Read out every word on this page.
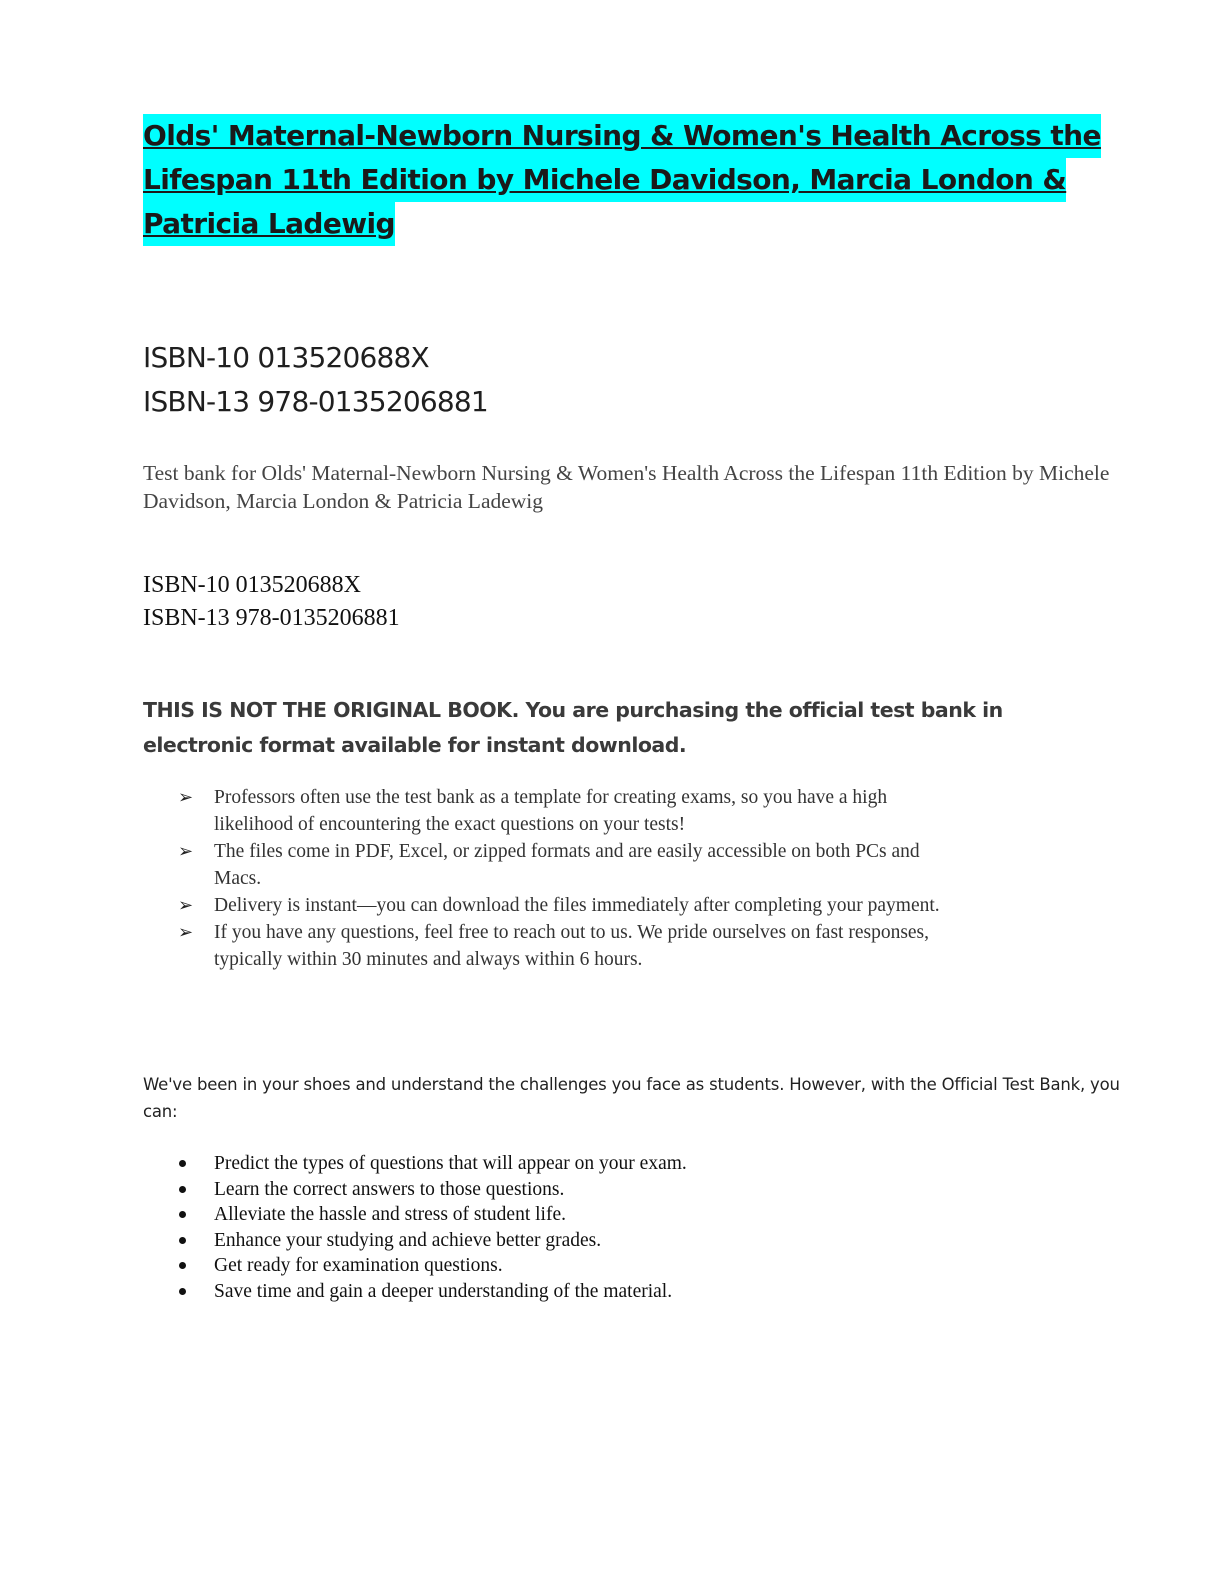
Olds' Maternal-Newborn Nursing & Women's Health Across the
Lifespan 11th Edition by Michele Davidson, Marcia London &
Patricia Ladewig
ISBN-10 013520688X
ISBN-13 978-0135206881
Test bank for Olds' Maternal-Newborn Nursing & Women's Health Across the Lifespan 11th Edition by Michele Davidson, Marcia London & Patricia Ladewig
ISBN-10 013520688X
ISBN-13 978-0135206881
THIS IS NOT THE ORIGINAL BOOK. You are purchasing the official test bank in
electronic format available for instant download.
➢ Professors often use the test bank as a template for creating exams, so you have a high likelihood of encountering the exact questions on your tests!
➢ The files come in PDF, Excel, or zipped formats and are easily accessible on both PCs and Macs.
➢ Delivery is instant—you can download the files immediately after completing your payment.
➢ If you have any questions, feel free to reach out to us. We pride ourselves on fast responses, typically within 30 minutes and always within 6 hours.
We've been in your shoes and understand the challenges you face as students. However, with the Official Test Bank, you can:
Predict the types of questions that will appear on your exam.
Learn the correct answers to those questions.
Alleviate the hassle and stress of student life.
Enhance your studying and achieve better grades.
Get ready for examination questions.
Save time and gain a deeper understanding of the material.
